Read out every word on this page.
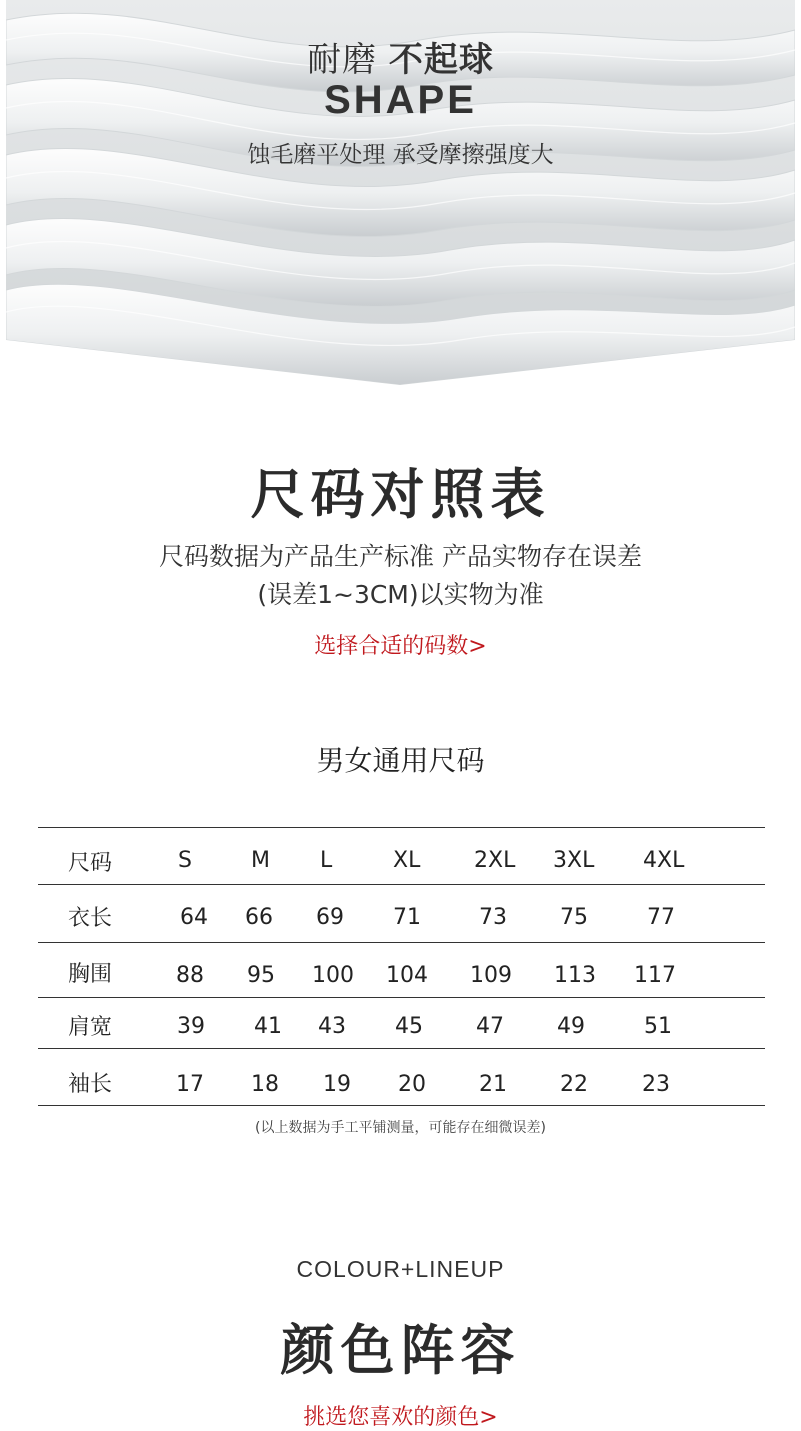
耐磨 不起球
SHAPE
蚀毛磨平处理 承受摩擦强度大
尺码对照表
尺码数据为产品生产标准 产品实物存在误差
(误差1~3CM)以实物为准
选择合适的码数>
男女通用尺码
尺码	S	M L	XL 2XL 3XL 4XL
衣长	64 66 69 71	73 75	77
胸围	88 95 100 104 109 113 117
肩宽	39 41 43 45 47 49	51
袖长	17 18 19 20 21 22 23
(以上数据为手工平铺测量，可能存在细微误差)
COLOUR+LINEUP
颜色阵容
挑选您喜欢的颜色>
